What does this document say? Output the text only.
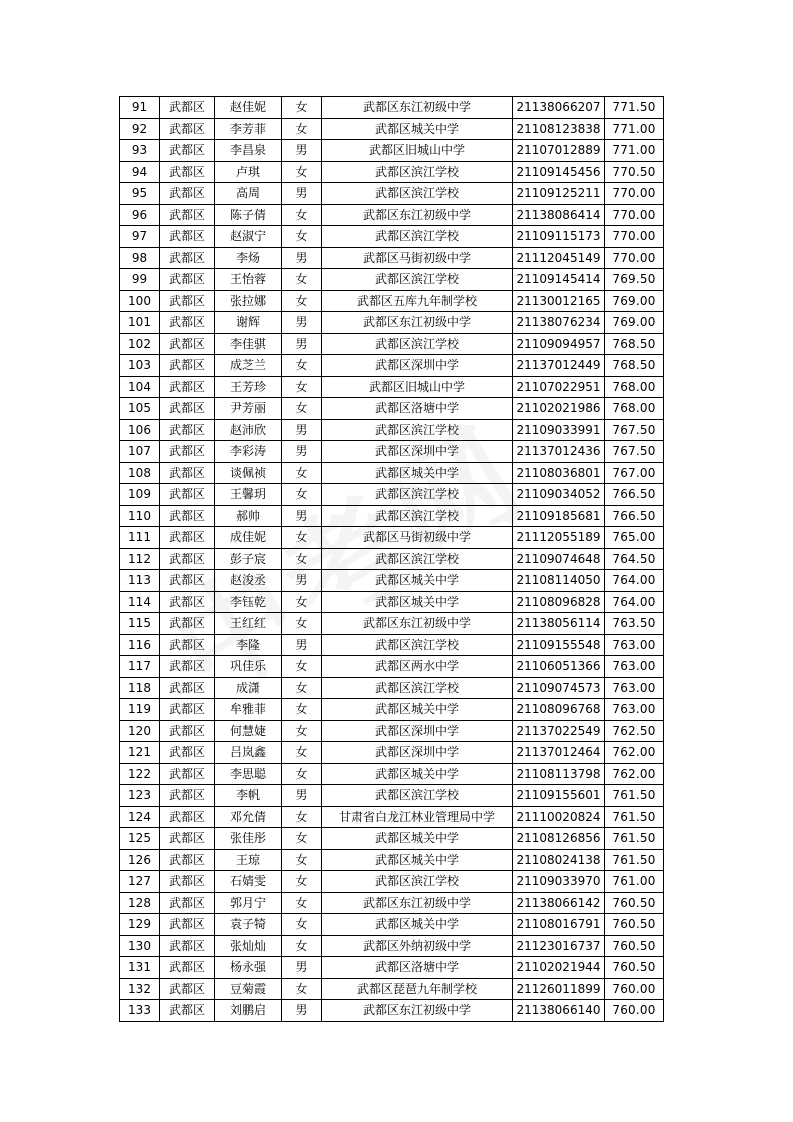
91	武都区	赵佳妮	女	武都区东江初级中学	21138066207	771.50
92	武都区	李芳菲	女	武都区城关中学	21108123838	771.00
93	武都区	李昌泉	男	武都区旧城山中学	21107012889	771.00
94	武都区	卢琪	女	武都区滨江学校	21109145456	770.50
95	武都区	高周	男	武都区滨江学校	21109125211	770.00
96	武都区	陈子倩	女	武都区东江初级中学	21138086414	770.00
97	武都区	赵淑宁	女	武都区滨江学校	21109115173	770.00
98	武都区	李炀	男	武都区马街初级中学	21112045149	770.00
99	武都区	王怡蓉	女	武都区滨江学校	21109145414	769.50
100	武都区	张拉娜	女	武都区五库九年制学校	21130012165	769.00
101	武都区	谢辉	男	武都区东江初级中学	21138076234	769.00
102	武都区	李佳骐	男	武都区滨江学校	21109094957	768.50
103	武都区	成芝兰	女	武都区深圳中学	21137012449	768.50
104	武都区	王芳珍	女	武都区旧城山中学	21107022951	768.00
105	武都区	尹芳丽	女	武都区洛塘中学	21102021986	768.00
106	武都区	赵沛欣	男	武都区滨江学校	21109033991	767.50
107	武都区	李彩涛	男	武都区深圳中学	21137012436	767.50
108	武都区	谈佩祯	女	武都区城关中学	21108036801	767.00
109	武都区	王馨玥	女	武都区滨江学校	21109034052	766.50
110	武都区	郝帅	男	武都区滨江学校	21109185681	766.50
111	武都区	成佳妮	女	武都区马街初级中学	21112055189	765.00
112	武都区	彭子宸	女	武都区滨江学校	21109074648	764.50
113	武都区	赵浚丞	男	武都区城关中学	21108114050	764.00
114	武都区	李钰乾	女	武都区城关中学	21108096828	764.00
115	武都区	王红红	女	武都区东江初级中学	21138056114	763.50
116	武都区	李隆	男	武都区滨江学校	21109155548	763.00
117	武都区	巩佳乐	女	武都区两水中学	21106051366	763.00
118	武都区	成潇	女	武都区滨江学校	21109074573	763.00
119	武都区	牟雅菲	女	武都区城关中学	21108096768	763.00
120	武都区	何慧婕	女	武都区深圳中学	21137022549	762.50
121	武都区	吕岚鑫	女	武都区深圳中学	21137012464	762.00
122	武都区	李思聪	女	武都区城关中学	21108113798	762.00
123	武都区	李帆	男	武都区滨江学校	21109155601	761.50
124	武都区	邓允倩	女	甘肃省白龙江林业管理局中学	21110020824	761.50
125	武都区	张佳彤	女	武都区城关中学	21108126856	761.50
126	武都区	王琼	女	武都区城关中学	21108024138	761.50
127	武都区	石婧雯	女	武都区滨江学校	21109033970	761.00
128	武都区	郭月宁	女	武都区东江初级中学	21138066142	760.50
129	武都区	袁子犄	女	武都区城关中学	21108016791	760.50
130	武都区	张灿灿	女	武都区外纳初级中学	21123016737	760.50
131	武都区	杨永强	男	武都区洛塘中学	21102021944	760.50
132	武都区	豆菊霞	女	武都区琵琶九年制学校	21126011899	760.00
133	武都区	刘鹏启	男	武都区东江初级中学	21138066140	760.00
